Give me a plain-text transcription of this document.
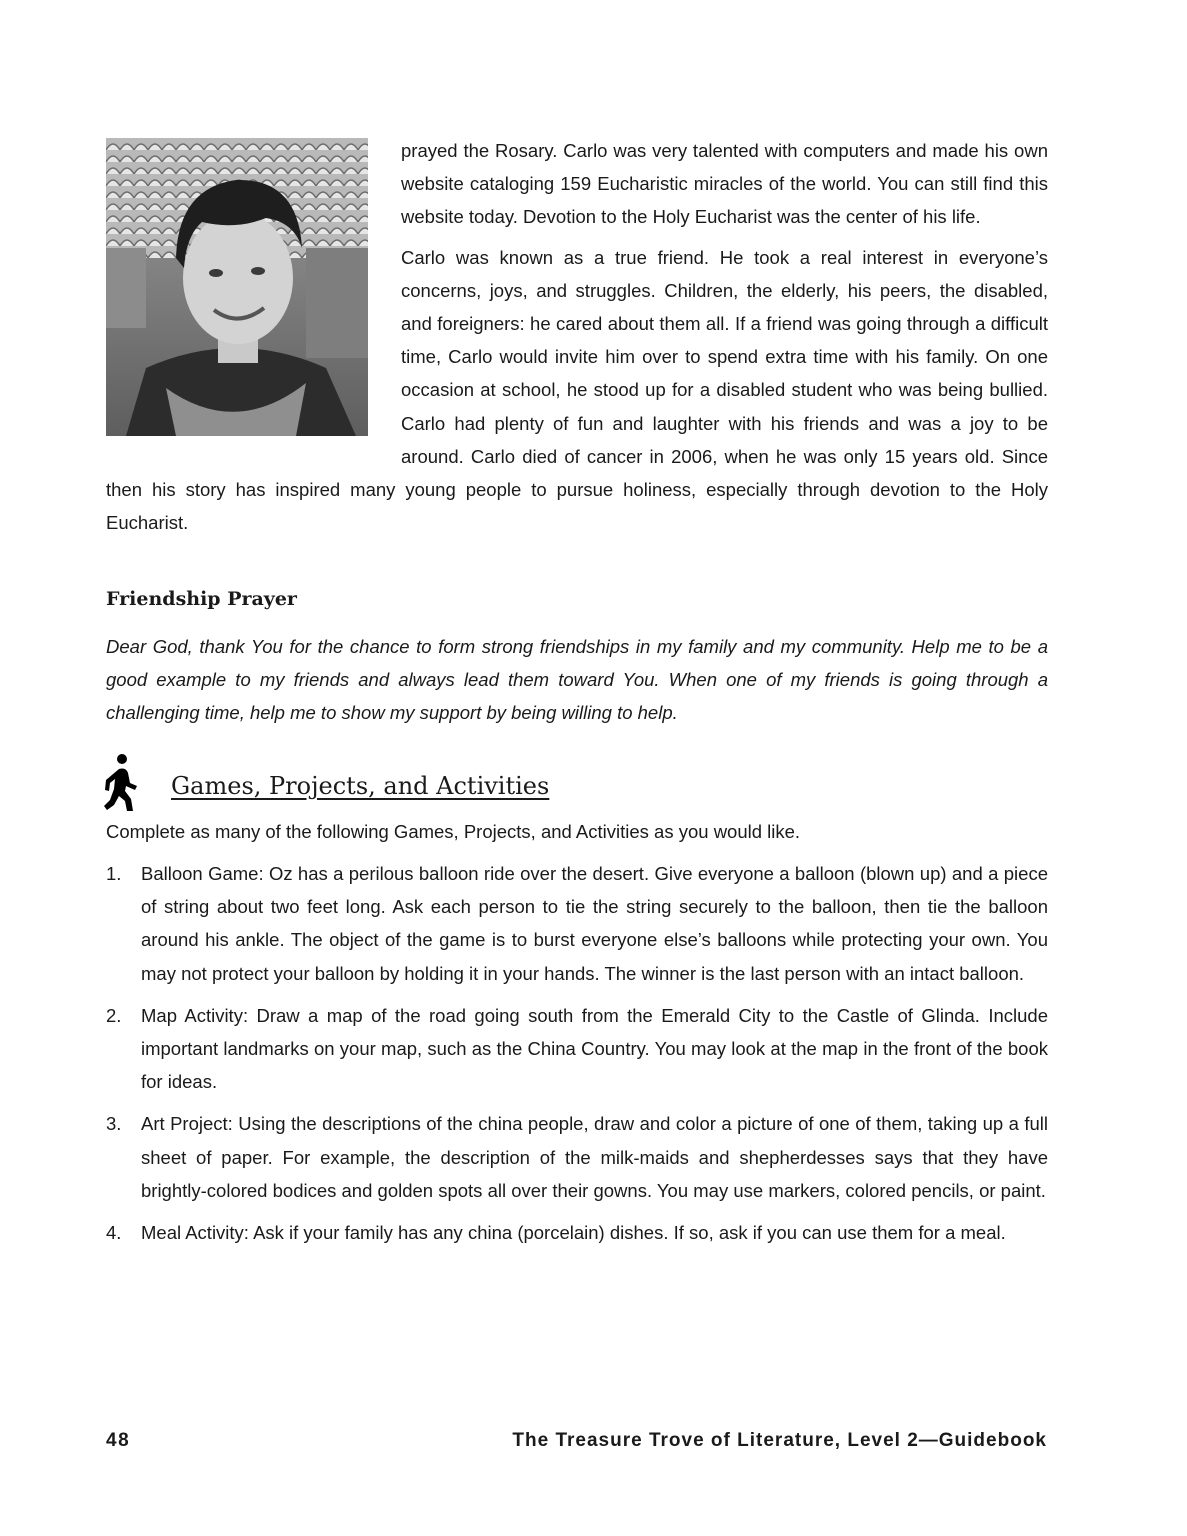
prayed the Rosary. Carlo was very talented with computers and made his own website cataloging 159 Eucharistic miracles of the world. You can still find this website today. Devotion to the Holy Eucharist was the center of his life.

Carlo was known as a true friend. He took a real interest in everyone’s concerns, joys, and struggles. Children, the elderly, his peers, the disabled, and foreigners: he cared about them all. If a friend was going through a difficult time, Carlo would invite him over to spend extra time with his family. On one occasion at school, he stood up for a disabled student who was being bullied. Carlo had plenty of fun and laughter with his friends and was a joy to be around. Carlo died of cancer in 2006, when he was only 15 years old. Since then his story has inspired many young people to pursue holiness, especially through devotion to the Holy Eucharist.

Friendship Prayer

Dear God, thank You for the chance to form strong friendships in my family and my community. Help me to be a good example to my friends and always lead them toward You. When one of my friends is going through a challenging time, help me to show my support by being willing to help.

Games, Projects, and Activities

Complete as many of the following Games, Projects, and Activities as you would like.

1. Balloon Game: Oz has a perilous balloon ride over the desert. Give everyone a balloon (blown up) and a piece of string about two feet long. Ask each person to tie the string securely to the balloon, then tie the balloon around his ankle. The object of the game is to burst everyone else’s balloons while protecting your own. You may not protect your balloon by holding it in your hands. The winner is the last person with an intact balloon.
2. Map Activity: Draw a map of the road going south from the Emerald City to the Castle of Glinda. Include important landmarks on your map, such as the China Country. You may look at the map in the front of the book for ideas.
3. Art Project: Using the descriptions of the china people, draw and color a picture of one of them, taking up a full sheet of paper. For example, the description of the milk-maids and shepherdesses says that they have brightly-colored bodices and golden spots all over their gowns. You may use markers, colored pencils, or paint.
4. Meal Activity: Ask if your family has any china (porcelain) dishes. If so, ask if you can use them for a meal.
48	The Treasure Trove of Literature, Level 2—Guidebook
